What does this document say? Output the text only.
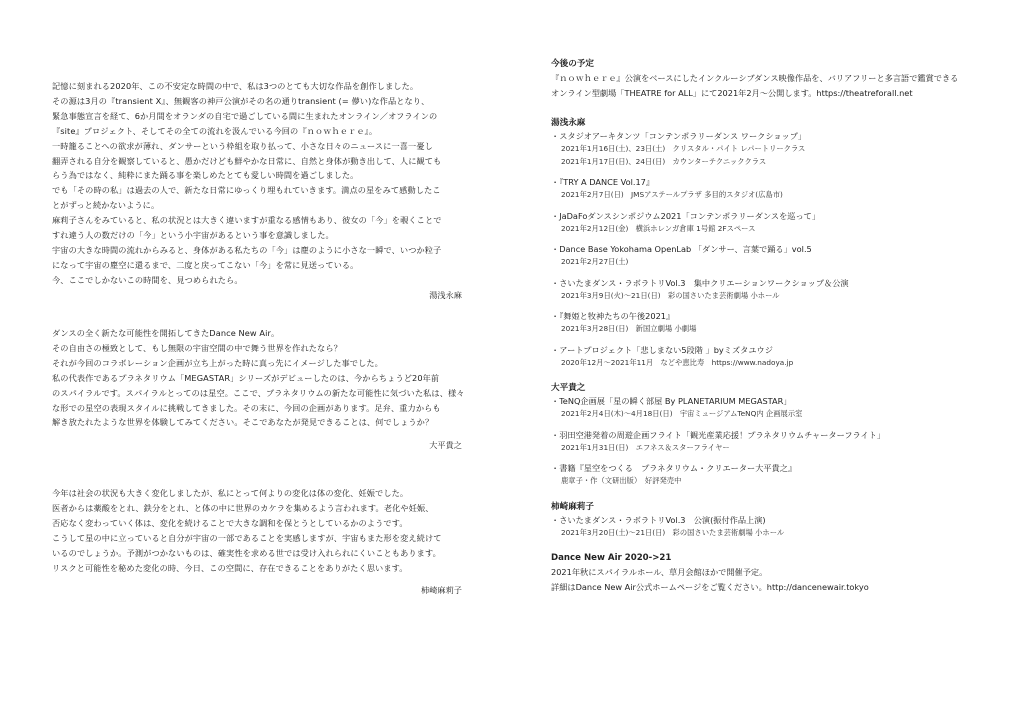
記憶に刻まれる2020年、この不安定な時間の中で、私は3つのとても大切な作品を創作しました。
その源は3月の『transient X』、無観客の神戸公演がその名の通りtransient (= 儚い)な作品となり、
緊急事態宣言を経て、6か月間をオランダの自宅で過ごしている間に生まれたオンライン／オフラインの
『site』プロジェクト、そしてその全ての流れを汲んでいる今回の『ｎｏｗｈｅｒｅ』。
一時籠ることへの欲求が薄れ、ダンサーという枠組を取り払って、小さな日々のニュースに一喜一憂し
翻弄される自分を観察していると、愚かだけども鮮やかな日常に、自然と身体が動き出して、人に観ても
らう為ではなく、純粋にまた踊る事を楽しめたとても愛しい時間を過ごしました。
でも「その時の私」は過去の人で、新たな日常にゆっくり埋もれていきます。満点の星をみて感動したこ
とがずっと続かないように。
麻莉子さんをみていると、私の状況とは大きく違いますが重なる感情もあり、彼女の「今」を覗くことで
すれ違う人の数だけの「今」という小宇宙があるという事を意識しました。
宇宙の大きな時間の流れからみると、身体がある私たちの「今」は塵のように小さな一瞬で、いつか粒子
になって宇宙の塵空に還るまで、二度と戻ってこない「今」を常に見送っている。
今、ここでしかないこの時間を、見つめられたら。
湯浅永麻
ダンスの全く新たな可能性を開拓してきたDance New Air。
その自由さの極致として、もし無限の宇宙空間の中で舞う世界を作れたなら？
それが今回のコラボレーション企画が立ち上がった時に真っ先にイメージした事でした。
私の代表作であるプラネタリウム「MEGASTAR」シリーズがデビューしたのは、今からちょうど20年前
のスパイラルです。スパイラルとってのは星空。ここで、プラネタリウムの新たな可能性に気づいた私は、様々
な形での星空の表現スタイルに挑戦してきました。その末に、今回の企画があります。足弁、重力からも
解き放たれたような世界を体験してみてください。そこであなたが発見できることは、何でしょうか？
大平貴之
今年は社会の状況も大きく変化しましたが、私にとって何よりの変化は体の変化、妊娠でした。
医者からは薬酸をとれ、鉄分をとれ、と体の中に世界のカケラを集めるよう言われます。老化や妊娠、
否応なく変わっていく体は、変化を続けることで大きな調和を保とうとしているかのようです。
こうして星の中に立っていると自分が宇宙の一部であることを実感しますが、宇宙もまた形を変え続けて
いるのでしょうか。予測がつかないものは、確実性を求める世では受け入れられにくいこともあります。
リスクと可能性を秘めた変化の時、今日、この空間に、存在できることをありがたく思います。
柿崎麻莉子
今後の予定
『ｎｏｗｈｅｒｅ』公演をベースにしたインクルーシブダンス映像作品を、バリアフリーと多言語で鑑賞できる
オンライン型劇場「THEATRE for ALL」にて2021年2月～公開します。https://theatreforall.net
湯浅永麻
・スタジオアーキタンツ「コンテンポラリーダンス ワークショップ」
2021年1月16日(土)、23日(土)　クリスタル・パイト レパートリークラス
2021年1月17日(日)、24日(日)　カウンターテクニッククラス
・『TRY A DANCE Vol.17』
2021年2月7日(日)　JMSアステールプラザ 多目的スタジオ(広島市)
・JaDaFoダンスシンポジウム2021「コンテンポラリーダンスを巡って」
2021年2月12日(金)　横浜ホレンガ倉庫 1号館 2Fスペース
・Dance Base Yokohama OpenLab 「ダンサー、言葉で踊る」vol.5
2021年2月27日(土)
・さいたまダンス・ラボラトリVol.3　集中クリエーションワークショップ＆公演
2021年3月9日(火)～21日(日)　彩の国さいたま芸術劇場 小ホール
・『舞姫と牧神たちの午後2021』
2021年3月28日(日)　新国立劇場 小劇場
・アートプロジェクト「悲しまない5段階 」byミズタユウジ
2020年12月～2021年11月　などや恵比寿　https://www.nadoya.jp
大平貴之
・TeNQ企画展「星の瞬く部屋 By PLANETARIUM MEGASTAR」
2021年2月4日(木)～4月18日(日)　宇宙ミュージアムTeNQ内 企画展示室
・羽田空港発着の周遊企画フライト「観光産業応援！プラネタリウムチャーターフライト」
2021年1月31日(日)　エフネス＆スターフライヤー
・書籍『星空をつくる　プラネタリウム・クリエーター大平貴之』
鹿章子・作（文研出版）　好評発売中
柿崎麻莉子
・さいたまダンス・ラボラトリVol.3　公演(振付作品上演)
2021年3月20日(土)～21日(日)　彩の国さいたま芸術劇場 小ホール
Dance New Air 2020->21
2021年秋にスパイラルホール、草月会館ほかで開催予定。
詳細はDance New Air公式ホームページをご覧ください。http://dancenewair.tokyo
